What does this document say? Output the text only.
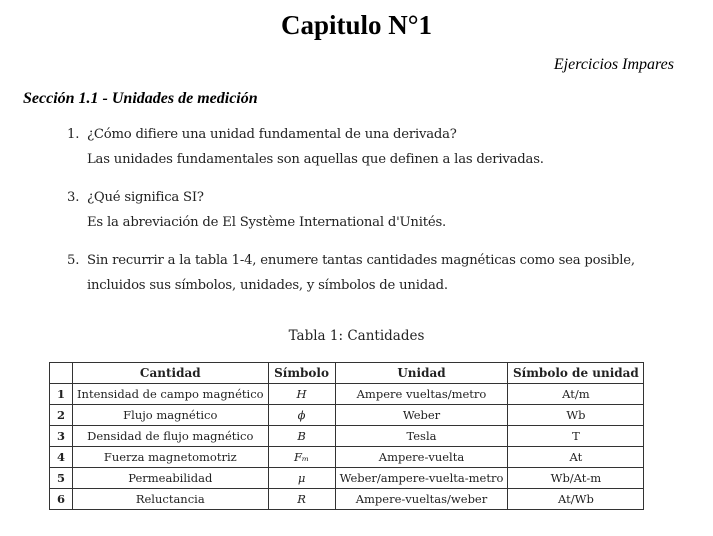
Capitulo N°1
Ejercicios Impares
Sección 1.1 - Unidades de medición
1. ¿Cómo difiere una unidad fundamental de una derivada?
Las unidades fundamentales son aquellas que definen a las derivadas.
3. ¿Qué significa SI?
Es la abreviación de El Système International d'Unités.
5. Sin recurrir a la tabla 1-4, enumere tantas cantidades magnéticas como sea posible,
incluidos sus símbolos, unidades, y símbolos de unidad.
Tabla 1: Cantidades
	Cantidad	Símbolo	Unidad	Símbolo de unidad
1	Intensidad de campo magnético	H	Ampere vueltas/metro	At/m
2	Flujo magnético	ϕ	Weber	Wb
3	Densidad de flujo magnético	B	Tesla	T
4	Fuerza magnetomotriz	Fₘ	Ampere-vuelta	At
5	Permeabilidad	μ	Weber/ampere-vuelta-metro	Wb/At-m
6	Reluctancia	R	Ampere-vueltas/weber	At/Wb
